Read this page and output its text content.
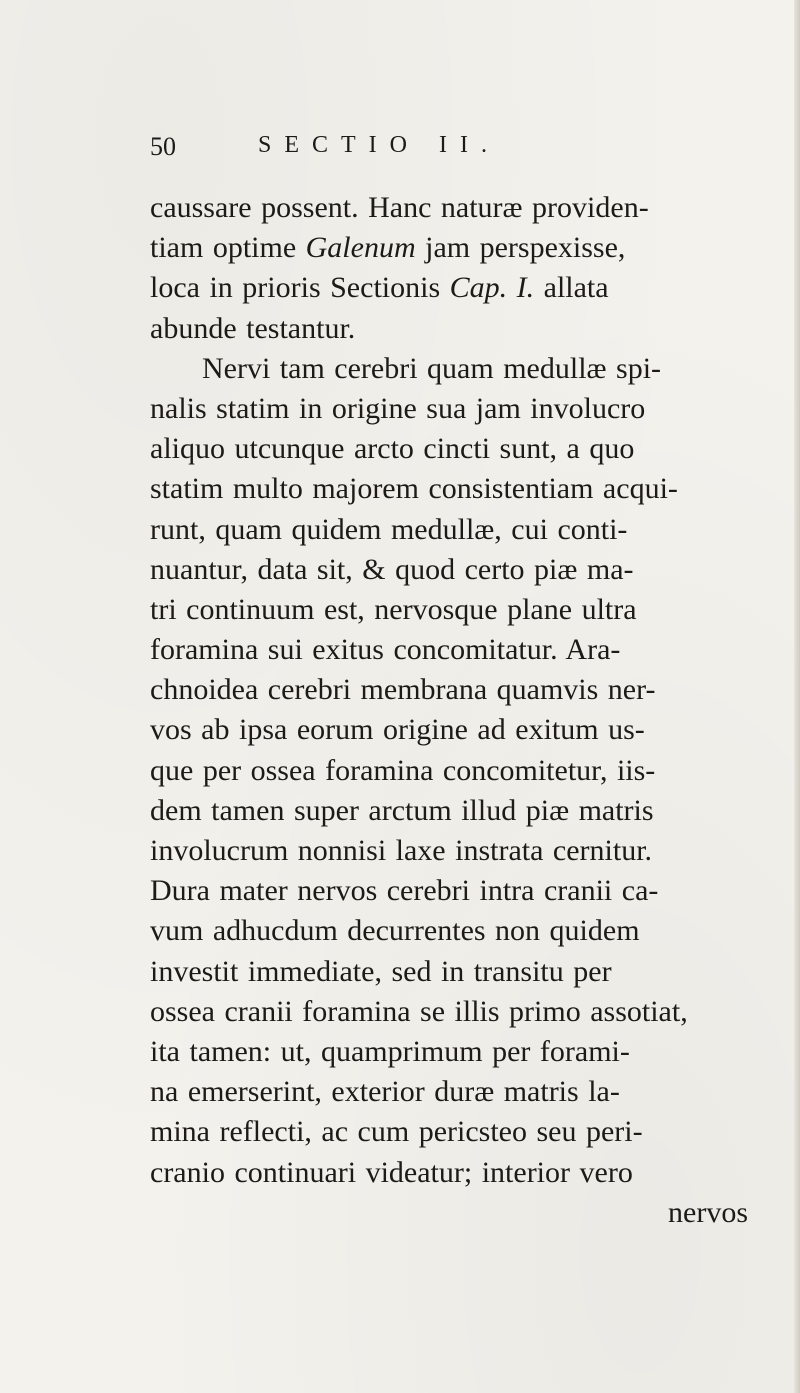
50	SECTIO II.
caussare possent. Hanc naturæ providen-
tiam optime Galenum jam perspexisse,
loca in prioris Sectionis Cap. I. allata
abunde testantur.
Nervi tam cerebri quam medullæ spi-
nalis statim in origine sua jam involucro
aliquo utcunque arcto cincti sunt, a quo
statim multo majorem consistentiam acqui-
runt, quam quidem medullæ, cui conti-
nuantur, data sit, & quod certo piæ ma-
tri continuum est, nervosque plane ultra
foramina sui exitus concomitatur. Ara-
chnoidea cerebri membrana quamvis ner-
vos ab ipsa eorum origine ad exitum us-
que per ossea foramina concomitetur, iis-
dem tamen super arctum illud piæ matris
involucrum nonnisi laxe instrata cernitur.
Dura mater nervos cerebri intra cranii ca-
vum adhucdum decurrentes non quidem
investit immediate, sed in transitu per
ossea cranii foramina se illis primo assotiat,
ita tamen: ut, quamprimum per forami-
na emerserint, exterior duræ matris la-
mina reflecti, ac cum pericsteo seu peri-
cranio continuari videatur; interior vero
nervos
